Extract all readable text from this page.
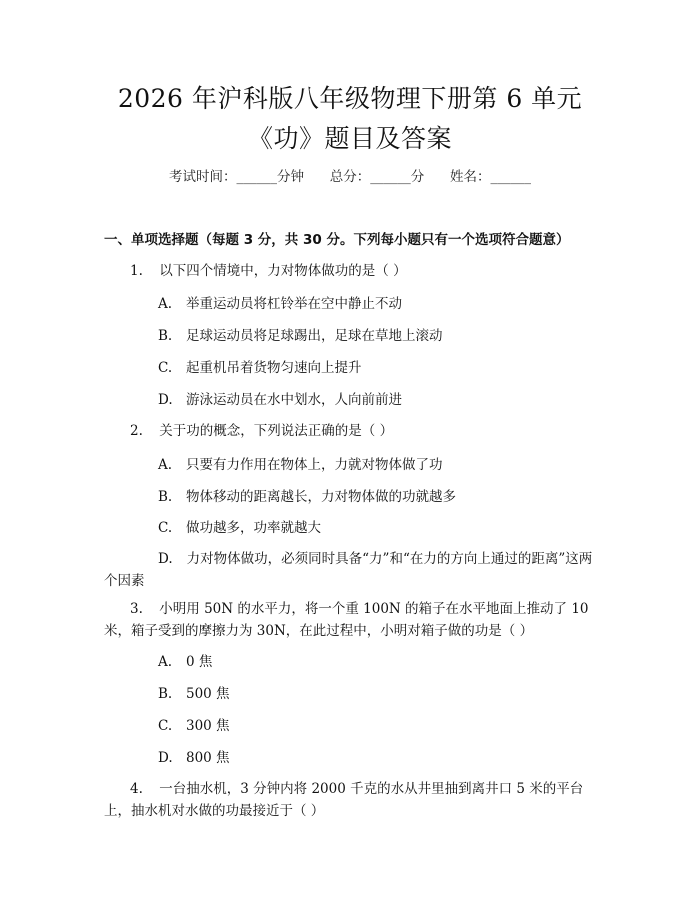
2026 年沪科版八年级物理下册第 6 单元
《功》题目及答案
考试时间：______分钟      总分：______分      姓名：______
一、单项选择题（每题 3 分，共 30 分。下列每小题只有一个选项符合题意）
1. 以下四个情境中，力对物体做功的是（ ）
A. 举重运动员将杠铃举在空中静止不动
B. 足球运动员将足球踢出，足球在草地上滚动
C. 起重机吊着货物匀速向上提升
D. 游泳运动员在水中划水，人向前前进
2. 关于功的概念，下列说法正确的是（ ）
A. 只要有力作用在物体上，力就对物体做了功
B. 物体移动的距离越长，力对物体做的功就越多
C. 做功越多，功率就越大
D. 力对物体做功，必须同时具备“力”和“在力的方向上通过的距离”这两个因素
3. 小明用 50N 的水平力，将一个重 100N 的箱子在水平地面上推动了 10 米，箱子受到的摩擦力为 30N，在此过程中，小明对箱子做的功是（ ）
A. 0 焦
B. 500 焦
C. 300 焦
D. 800 焦
4. 一台抽水机，3 分钟内将 2000 千克的水从井里抽到离井口 5 米的平台上，抽水机对水做的功最接近于（ ）
